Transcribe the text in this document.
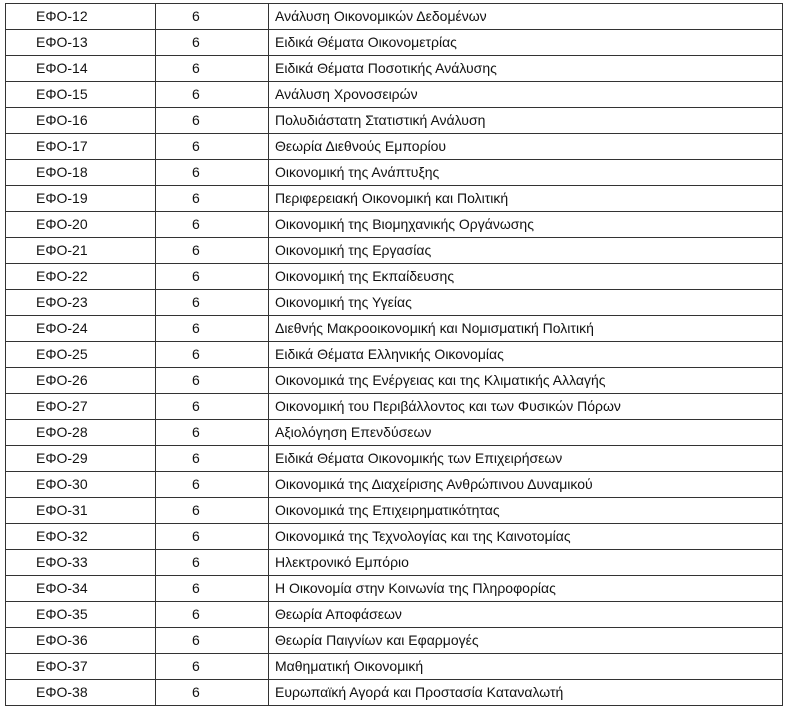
ΕΦΟ-12	6	Ανάλυση Οικονομικών Δεδομένων
ΕΦΟ-13	6	Ειδικά Θέματα Οικονομετρίας
ΕΦΟ-14	6	Ειδικά Θέματα Ποσοτικής Ανάλυσης
ΕΦΟ-15	6	Ανάλυση Χρονοσειρών
ΕΦΟ-16	6	Πολυδιάστατη Στατιστική Ανάλυση
ΕΦΟ-17	6	Θεωρία Διεθνούς Εμπορίου
ΕΦΟ-18	6	Οικονομική της Ανάπτυξης
ΕΦΟ-19	6	Περιφερειακή Οικονομική και Πολιτική
ΕΦΟ-20	6	Οικονομική της Βιομηχανικής Οργάνωσης
ΕΦΟ-21	6	Οικονομική της Εργασίας
ΕΦΟ-22	6	Οικονομική της Εκπαίδευσης
ΕΦΟ-23	6	Οικονομική της Υγείας
ΕΦΟ-24	6	Διεθνής Μακροοικονομική και Νομισματική Πολιτική
ΕΦΟ-25	6	Ειδικά Θέματα Ελληνικής Οικονομίας
ΕΦΟ-26	6	Οικονομικά της Ενέργειας και της Κλιματικής Αλλαγής
ΕΦΟ-27	6	Οικονομική του Περιβάλλοντος και των Φυσικών Πόρων
ΕΦΟ-28	6	Αξιολόγηση Επενδύσεων
ΕΦΟ-29	6	Ειδικά Θέματα Οικονομικής των Επιχειρήσεων
ΕΦΟ-30	6	Οικονομικά της Διαχείρισης Ανθρώπινου Δυναμικού
ΕΦΟ-31	6	Οικονομικά της Επιχειρηματικότητας
ΕΦΟ-32	6	Οικονομικά της Τεχνολογίας και της Καινοτομίας
ΕΦΟ-33	6	Ηλεκτρονικό Εμπόριο
ΕΦΟ-34	6	Η Οικονομία στην Κοινωνία της Πληροφορίας
ΕΦΟ-35	6	Θεωρία Αποφάσεων
ΕΦΟ-36	6	Θεωρία Παιγνίων και Εφαρμογές
ΕΦΟ-37	6	Μαθηματική Οικονομική
ΕΦΟ-38	6	Ευρωπαϊκή Αγορά και Προστασία Καταναλωτή
